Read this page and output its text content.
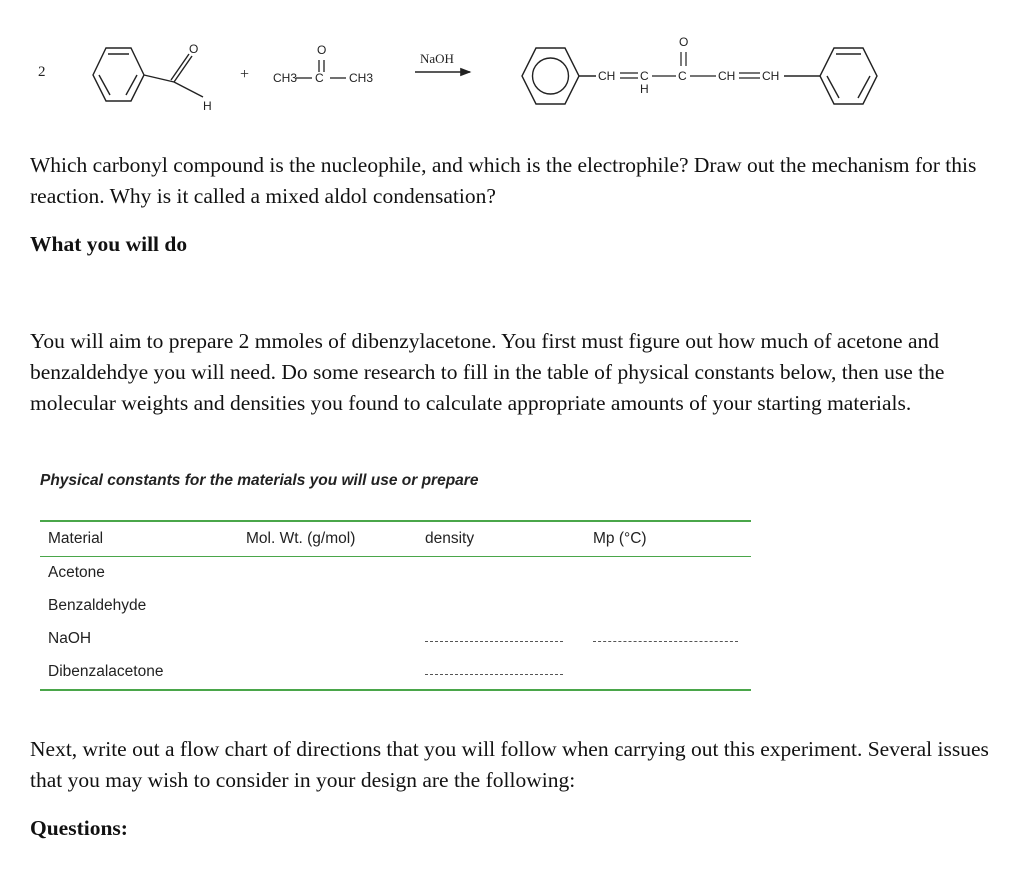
2
O
H
+
O
CH3 C CH3
NaOH
CH C
H
C
O
CH CH

Which carbonyl compound is the nucleophile, and which is the electrophile? Draw out the mechanism for this reaction. Why is it called a mixed aldol condensation?

What you will do

You will aim to prepare 2 mmoles of dibenzylacetone. You first must figure out how much of acetone and benzaldehdye you will need. Do some research to fill in the table of physical constants below, then use the molecular weights and densities you found to calculate appropriate amounts of your starting materials.

Physical constants for the materials you will use or prepare
Material	Mol. Wt. (g/mol)	density	Mp (°C)
Acetone
Benzaldehyde
NaOH
Dibenzalacetone

Next, write out a flow chart of directions that you will follow when carrying out this experiment. Several issues that you may wish to consider in your design are the following:

Questions:
